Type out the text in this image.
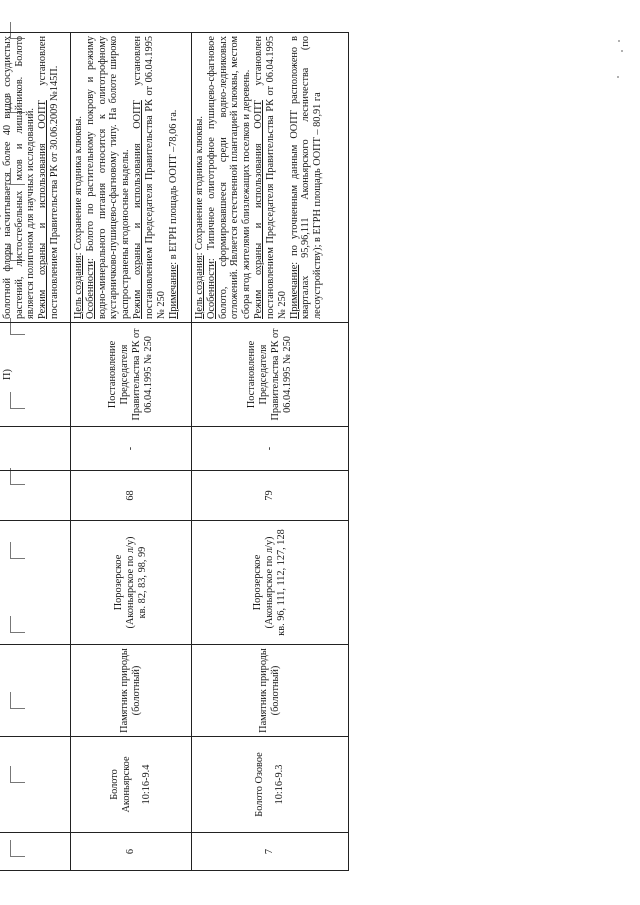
						П)	болотной флоры насчитывается более 40 видов сосудистых растений, листостебельных мхов и лишайников. Болото является полигоном для научных исследований. Режим охраны и использования ООПТ установлен постановлением Правительства РК от 30.06.2009 №145П.

6	Болото Аконьярское 10:16-9.4	Памятник природы (болотный)	Порозерское (Аконьярское по л/у) кв. 82, 83, 98, 99	68	-	Постановление Председателя Правительства РК от 06.04.1995 № 250	Цель создания: Сохранение ягодника клюквы.
Особенности: Болото по растительному покрову и режиму водно-минерального питания относится к олиготрофному кустарничково-пушицево-сфагновому типу. На болоте широко распространены ягодоносные выделы. Режим охраны и использования ООПТ установлен постановлением Председателя Правительства РК от 06.04.1995 № 250 Примечание: в ЕГРН площадь ООПТ –78,06 га.

7	Болото Озовое 10:16-9.3	Памятник природы (болотный)	Порозерское (Аконьярское по л/у) кв. 96, 111, 112, 127, 128	79	-	Постановление Председателя Правительства РК от 06.04.1995 № 250	Цель создания: Сохранение ягодника клюквы.
Особенности: Типичное олиготрофное пушицево-сфагновое болото, сформировавшееся среди водно-ледниковых отложений. Является естественной плантацией клюквы, местом сбора ягод жителями близлежащих поселков и деревень. Режим охраны и использования ООПТ установлен постановлением Председателя Правительства РК от 06.04.1995 № 250 Примечание: по уточненным данным ООПТ расположено в кварталах 95,96,111 Аконьярского лесничества (по лесоустройству); в ЕГРН площадь ООПТ – 80,91 га
